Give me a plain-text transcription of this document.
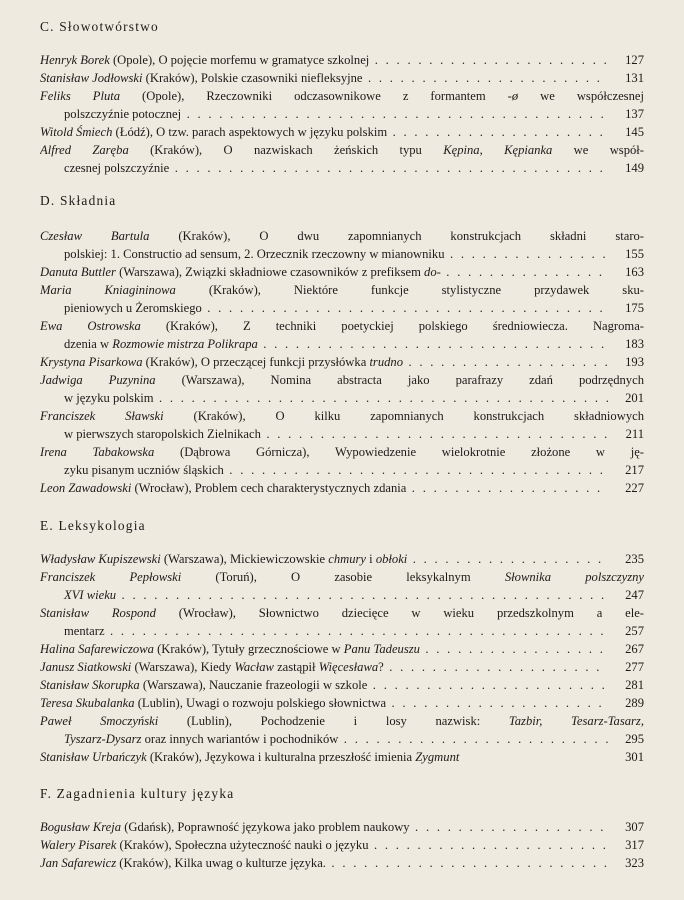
C. Słowotwórstwo
Henryk Borek (Opole), O pojęcie morfemu w gramatyce szkolnej	127
. . .
Stanisław Jodłowski (Kraków), Polskie czasowniki niefleksyjne	131
. . .
Feliks Pluta (Opole), Rzeczowniki odczasownikowe z formantem -ø we współczesnej
polszczyźnie potocznej	137
. . .
Witold Śmiech (Łódź), O tzw. parach aspektowych w języku polskim	145
. . .
Alfred Zaręba (Kraków), O nazwiskach żeńskich typu Kępina, Kępianka we współ-
czesnej polszczyźnie	149
. . .
D. Składnia
Czesław Bartula (Kraków), O dwu zapomnianych konstrukcjach składni staro-
polskiej: 1. Constructio ad sensum, 2. Orzecznik rzeczowny w mianowniku	155
. . .
Danuta Buttler (Warszawa), Związki składniowe czasowników z prefiksem do-	163
. . .
Maria Kniagininowa (Kraków), Niektóre funkcje stylistyczne przydawek sku-
pieniowych u Żeromskiego	175
. . .
Ewa Ostrowska (Kraków), Z techniki poetyckiej polskiego średniowiecza. Nagroma-
dzenia w Rozmowie mistrza Polikrapa	183
. . .
Krystyna Pisarkowa (Kraków), O przeczącej funkcji przysłówka trudno	193
. . .
Jadwiga Puzynina (Warszawa), Nomina abstracta jako parafrazy zdań podrzędnych
w języku polskim	201
. . .
Franciszek Sławski (Kraków), O kilku zapomnianych konstrukcjach składniowych
w pierwszych staropolskich Zielnikach	211
. . .
Irena Tabakowska (Dąbrowa Górnicza), Wypowiedzenie wielokrotnie złożone w ję-
zyku pisanym uczniów śląskich	217
. . .
Leon Zawadowski (Wrocław), Problem cech charakterystycznych zdania	227
. . .
E. Leksykologia
Władysław Kupiszewski (Warszawa), Mickiewiczowskie chmury i obłoki	235
. . .
Franciszek Pepłowski (Toruń), O zasobie leksykalnym Słownika polszczyzny
XVI wieku	247
. . .
Stanisław Rospond (Wrocław), Słownictwo dziecięce w wieku przedszkolnym a ele-
mentarz	257
. . .
Halina Safarewiczowa (Kraków), Tytuły grzecznościowe w Panu Tadeuszu	267
. . .
Janusz Siatkowski (Warszawa), Kiedy Wacław zastąpił Więcesława?	277
. . .
Stanisław Skorupka (Warszawa), Nauczanie frazeologii w szkole	281
. . .
Teresa Skubalanka (Lublin), Uwagi o rozwoju polskiego słownictwa	289
. . .
Paweł Smoczyński (Lublin), Pochodzenie i losy nazwisk: Tazbir, Tesarz-Tasarz,
Tyszarz-Dysarz oraz innych wariantów i pochodników	295
. . .
Stanisław Urbańczyk (Kraków), Językowa i kulturalna przeszłość imienia Zygmunt	301
F. Zagadnienia kultury języka
Bogusław Kreja (Gdańsk), Poprawność językowa jako problem naukowy	307
. . .
Walery Pisarek (Kraków), Społeczna użyteczność nauki o języku	317
. . .
Jan Safarewicz (Kraków), Kilka uwag o kulturze języka.	323
. . .
